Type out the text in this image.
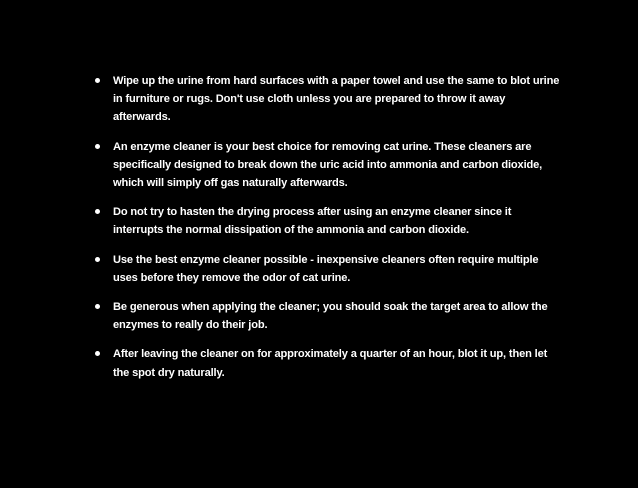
Wipe up the urine from hard surfaces with a paper towel and use the same to blot urine in furniture or rugs. Don't use cloth unless you are prepared to throw it away afterwards.
An enzyme cleaner is your best choice for removing cat urine. These cleaners are specifically designed to break down the uric acid into ammonia and carbon dioxide, which will simply off gas naturally afterwards.
Do not try to hasten the drying process after using an enzyme cleaner since it interrupts the normal dissipation of the ammonia and carbon dioxide.
Use the best enzyme cleaner possible - inexpensive cleaners often require multiple uses before they remove the odor of cat urine.
Be generous when applying the cleaner; you should soak the target area to allow the enzymes to really do their job.
After leaving the cleaner on for approximately a quarter of an hour, blot it up, then let the spot dry naturally.
